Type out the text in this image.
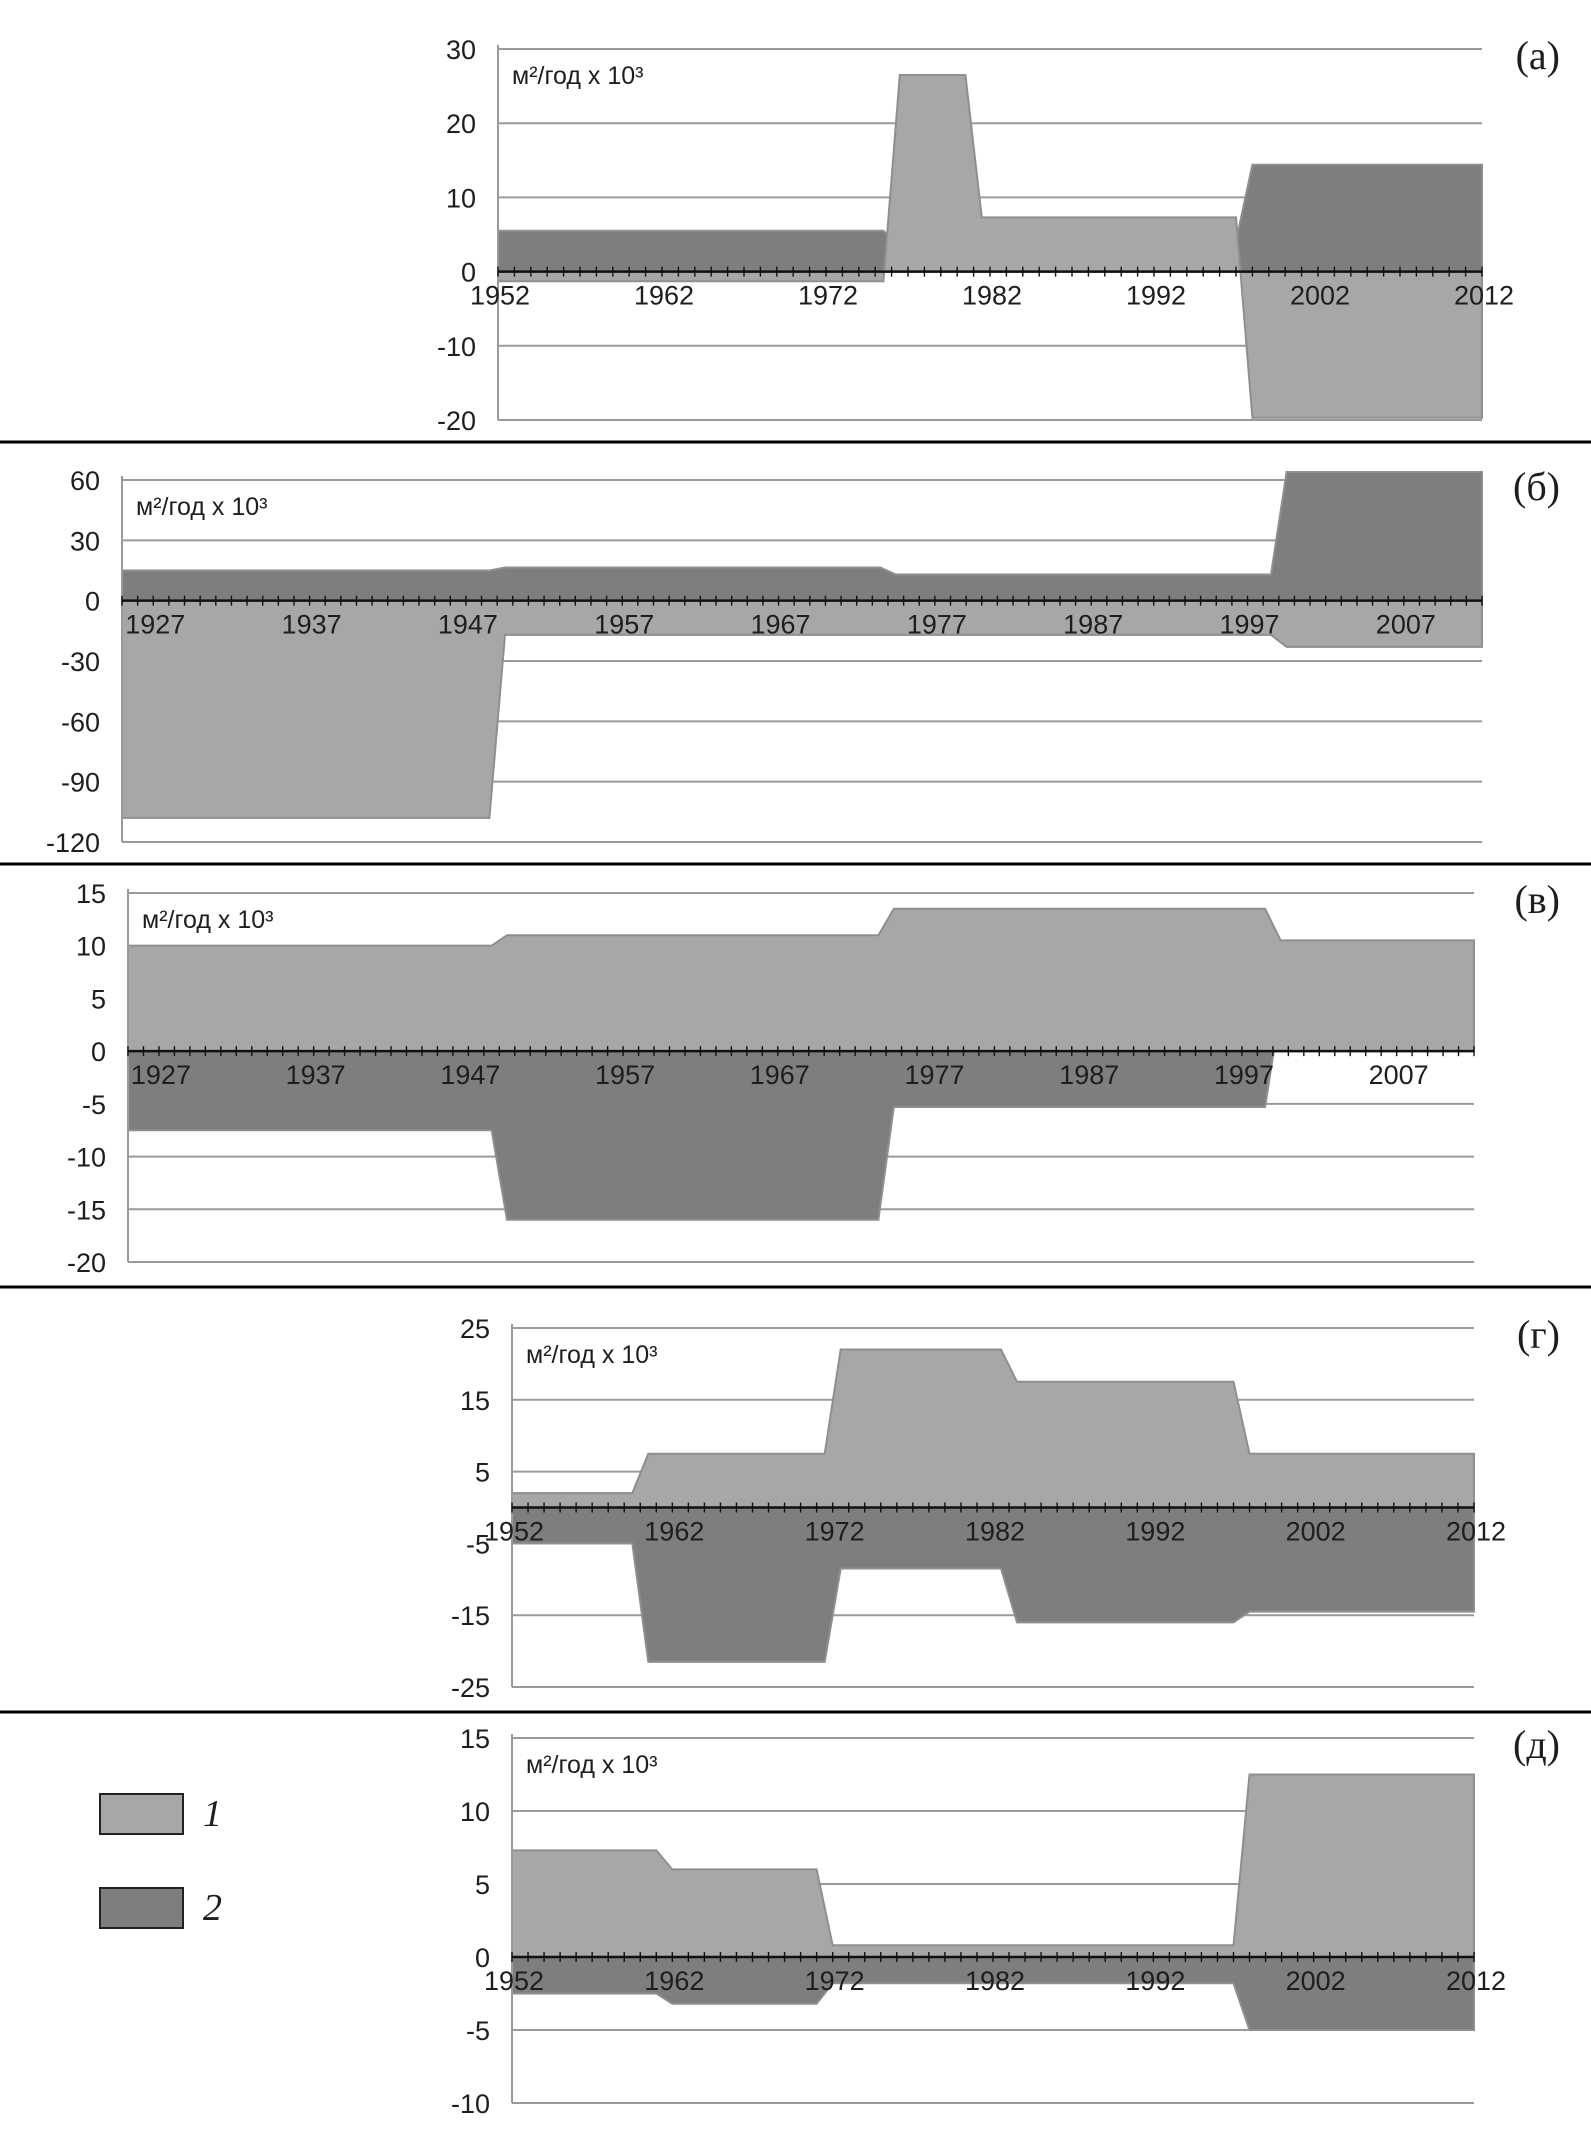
-20
-10
0
10
20
30
1952	1962	1972	1982	1992	2002	2012
м²/год х 10³	(а)
-120
-90
-60
-30
0
30
60
1927	1937	1947	1957	1967	1977	1987	1997	2007
м²/год х 10³	(б)
-20
-15
-10
-5
0
5
10
15
1927	1937	1947	1957	1967	1977	1987	1997	2007
м²/год х 10³	(в)
-25
-15
-5
5
15
25
1952	1962	1972	1982	1992	2002	2012
м²/год х 10³	(г)
-10
-5
0
5
10
15
1952	1962	1972	1982	1992	2002	2012
м²/год х 10³	(д)
1
2
